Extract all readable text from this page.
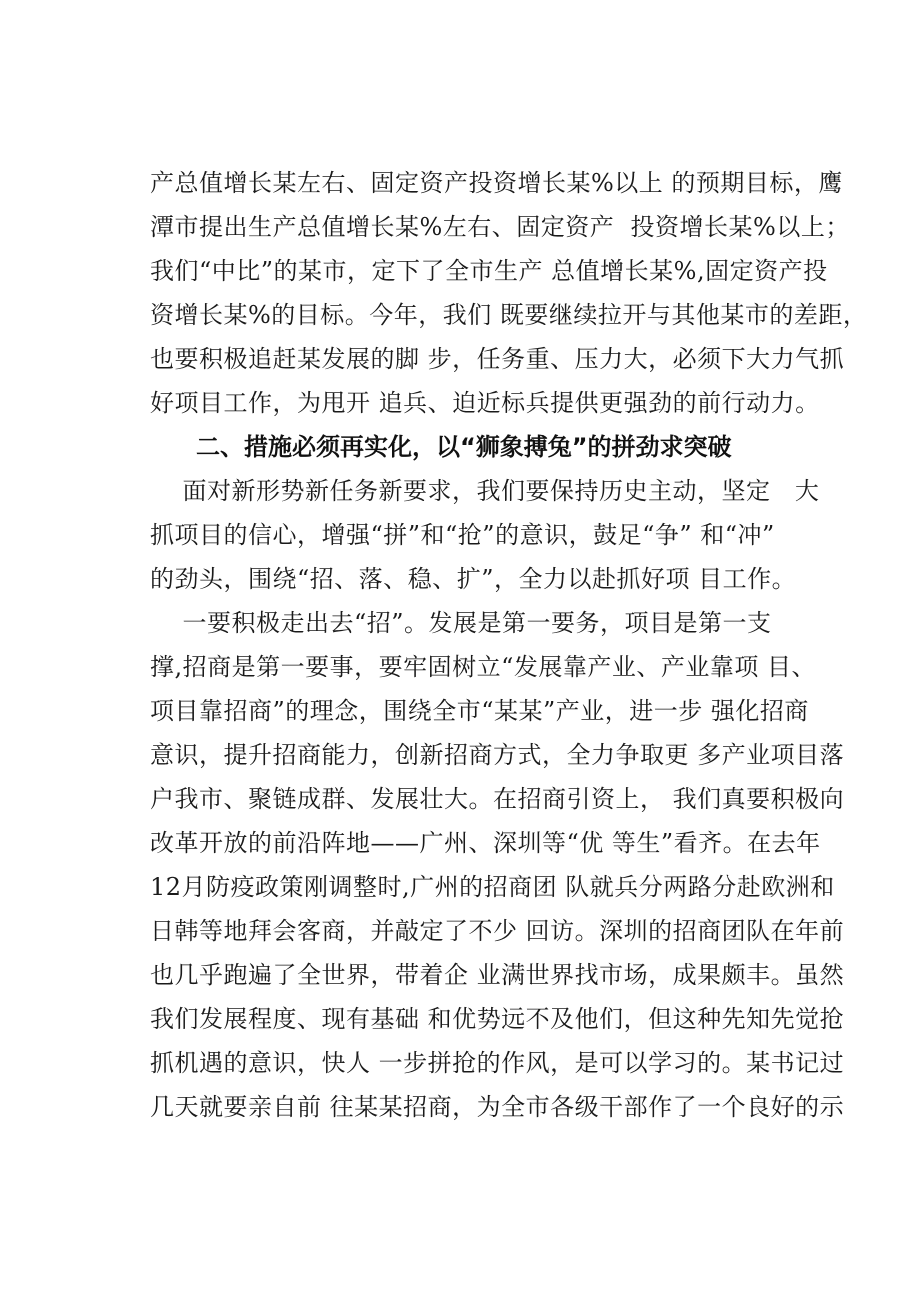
产总值增长某左右、固定资产投资增长某%以上 的预期目标，鹰
潭市提出生产总值增长某%左右、固定资产  投资增长某%以上；
我们“中比”的某市，定下了全市生产 总值增长某%,固定资产投
资增长某%的目标。今年，我们 既要继续拉开与其他某市的差距，
也要积极追赶某发展的脚 步，任务重、压力大，必须下大力气抓
好项目工作，为甩开 追兵、迫近标兵提供更强劲的前行动力。
二、措施必须再实化，以“狮象搏兔”的拼劲求突破
面对新形势新任务新要求，我们要保持历史主动，坚定   大
抓项目的信心，增强“拼”和“抢”的意识，鼓足“争” 和“冲”
的劲头，围绕“招、落、稳、扩”，全力以赴抓好项 目工作。
一要积极走出去“招”。发展是第一要务，项目是第一支
撑,招商是第一要事，要牢固树立“发展靠产业、产业靠项 目、
项目靠招商”的理念，围绕全市“某某”产业，进一步 强化招商
意识，提升招商能力，创新招商方式，全力争取更 多产业项目落
户我市、聚链成群、发展壮大。在招商引资上， 我们真要积极向
改革开放的前沿阵地——广州、深圳等“优 等生”看齐。在去年
12月防疫政策刚调整时,广州的招商团 队就兵分两路分赴欧洲和
日韩等地拜会客商，并敲定了不少 回访。深圳的招商团队在年前
也几乎跑遍了全世界，带着企 业满世界找市场，成果颇丰。虽然
我们发展程度、现有基础 和优势远不及他们，但这种先知先觉抢
抓机遇的意识，快人 一步拼抢的作风，是可以学习的。某书记过
几天就要亲自前 往某某招商，为全市各级干部作了一个良好的示
